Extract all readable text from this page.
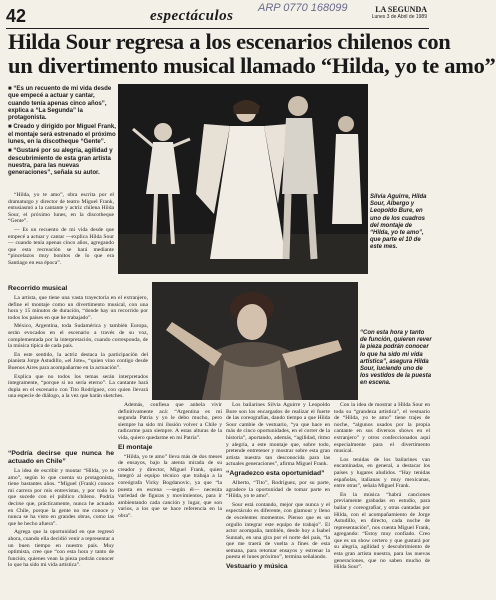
42	espectáculos ARP 0770 168099	LA SEGUNDA
Lunes 3 de Abril de 1989
Hilda Sour regresa a los escenarios chilenos con
un divertimento musical llamado “Hilda, yo te amo”

■ “Es un recuento de mi vida desde que empecé a actuar y cantar, cuando tenía apenas cinco años”, explica a “La Segunda” la protagonista.

■ Creado y dirigido por Miguel Frank, el montaje será estrenado el próximo lunes, en la discotheque “Gente”.

■ “Gustaré por su alegría, agilidad y descubrimiento de esta gran artista nuestra, para las nuevas generaciones”, señala su autor.

Silvia Aguirre, Hilda Sour, Albergo y Leopoldo Bure, en uno de los cuadros del montaje de “Hilda, yo te amo”, que parte el 10 de este mes.
“Con esta hora y tanto de función, quieren rever la pieza podrán conocer lo que ha sido mi vida artística”, asegura Hilda Sour, luciendo uno de los vestidos de la puesta en escena.

“Hilda, yo te amo”, obra escrita por el dramaturgo y director de teatro Miguel Frank, entusiasmó a la cantante y actriz chilena Hilda Sour, el próximo lunes, en la discotheque “Gente”.

— Es un recuento de mi vida desde que empecé a actuar y cantar —explica Hilda Sour— cuando tenía apenas cinco años, agregando que esta recreación se hará mediante “pincelazos muy bonitos de lo que era Santiago en esa época”.

Recorrido musical

La artista, que tiene una vasta trayectoria en el extranjero, define el montaje como un divertimento musical, con una hora y 15 minutos de duración, “donde hay un recorrido por todos los países en que he trabajado”.

México, Argentina, toda Sudamérica y también Europa, serán evocados en el escenario a través de su voz, complementada por la interpretación, cuando corresponda, de la música típica de cada país.

En este sentido, la actriz destaca la participación del pianista Jorge Astudillo, «el Jote», “quien vino contigo desde Buenos Aires para acompañarme en la actuación”.

Explica que no todos los temas serán interpretados íntegramente, “porque sí no sería eterno”. La cantante hará dupla en el escenario con Tito Rodríguez, con quien llevará una especie de diálogo, a la vez que harán sketches.

“Podría decirse que nunca he actuado en Chile”

La idea de escribir y montar “Hilda, yo te amo”, según lo que cuenta su protagonista, tiene bastantes años. “Miguel (Frank) conoce mi carrera por mis entrevistas, y por todo lo que sucede con el público chileno. Podría decirse que, prácticamente, nunca he actuado en Chile, porque la gente no me conoce y nunca se ha visto en grandes obras, como las que he hecho afuera”.

Agrega que la oportunidad en que regresó ahora, cuando ella decidió venir a representar a un buen tiempo en nuestro país. Muy optimista, cree que “con esta hora y tanto de función, quienes vean la pieza podrán conocer lo que ha sido mi vida artística”.

Además, confiesa que anhela vivir definitivamente acá: “Argentina es mi segunda Patria y yo le debo mucho, pero siempre ha sido mi ilusión volver a Chile y radicarme para siempre. A estas alturas de la vida, quiero quedarme en mi Patria”.

El montaje

“Hilda, yo te amo” lleva más de dos meses de ensayos, bajo la atenta mirada de su creador y director, Miguel Frank, quien integró al equipo técnico que trabaja a la coreógrafa Vicky Bogdanovic, ya que “la puesta en escena —según él— necesita variedad de figuras y movimientos, para ir ambientando cada canción y lugar, que son varios, a los que se hace referencia en la obra”.

Los bailarines Silvia Aguirre y Leopoldo Bure son los encargados de realizar el fuerte de las coreografías, dando tiempo a que Hilda Sour cambie de vestuario, “ya que hace en más de cinco oportunidades, en el correr de la historia”, aportando, además, “agilidad, ritmo y alegría, a este montaje que, sobre todo, pretende entretener y mostrar sobre esta gran artista nuestra tan desconocida para las actuales generaciones”, afirma Miguel Frank.

“Agradezco esta oportunidad”

Alberto, “Tito”, Rodríguez, por su parte, agradece la oportunidad de tomar parte en “Hilda, yo te amo”.

Sour está contando, mejor que nunca y el espectáculo es diferente, con glamour y lleno de excelentes momentos. Pienso que es un orgullo integrar este equipo de trabajo”. El actor acompaña, también, desde hoy a Isabel Sunnah, en una gira por el norte del país, “la que me traerá de vuelta a fines de esta semana, para retomar ensayos y estrenar la puesta el lunes próximo”, termina señalando.

Vestuario y música

Con la idea de mostrar a Hilda Sour en toda su “grandeza artística”, el vestuario de “Hilda, yo te amo” tiene trajes de noche, “algunos usados por la propia cantante en sus diversos shows en el extranjero” y otros confeccionados aquí especialmente para el divertimento musical.

Los tenidas de los bailarines van encaminadas, en general, a destacar los países y lugares aludidos. “Hay tenidas españolas, italianas y muy mexicanas, entre otras”, señala Miguel Frank.

En la música “habrá canciones previamente grabadas en estudio, para bailar y coreografiar, y otras cantadas por Hilda, con el acompañamiento de Jorge Astudillo, en directo, cada noche de representación”, nos cuenta Miguel Frank, agregando: “Estoy muy confiado. Creo que es un show certero y que gustará por su alegría, agilidad y descubrimiento de esta gran artista nuestra, para las nuevas generaciones, que no saben mucho de Hilda Sour”.
